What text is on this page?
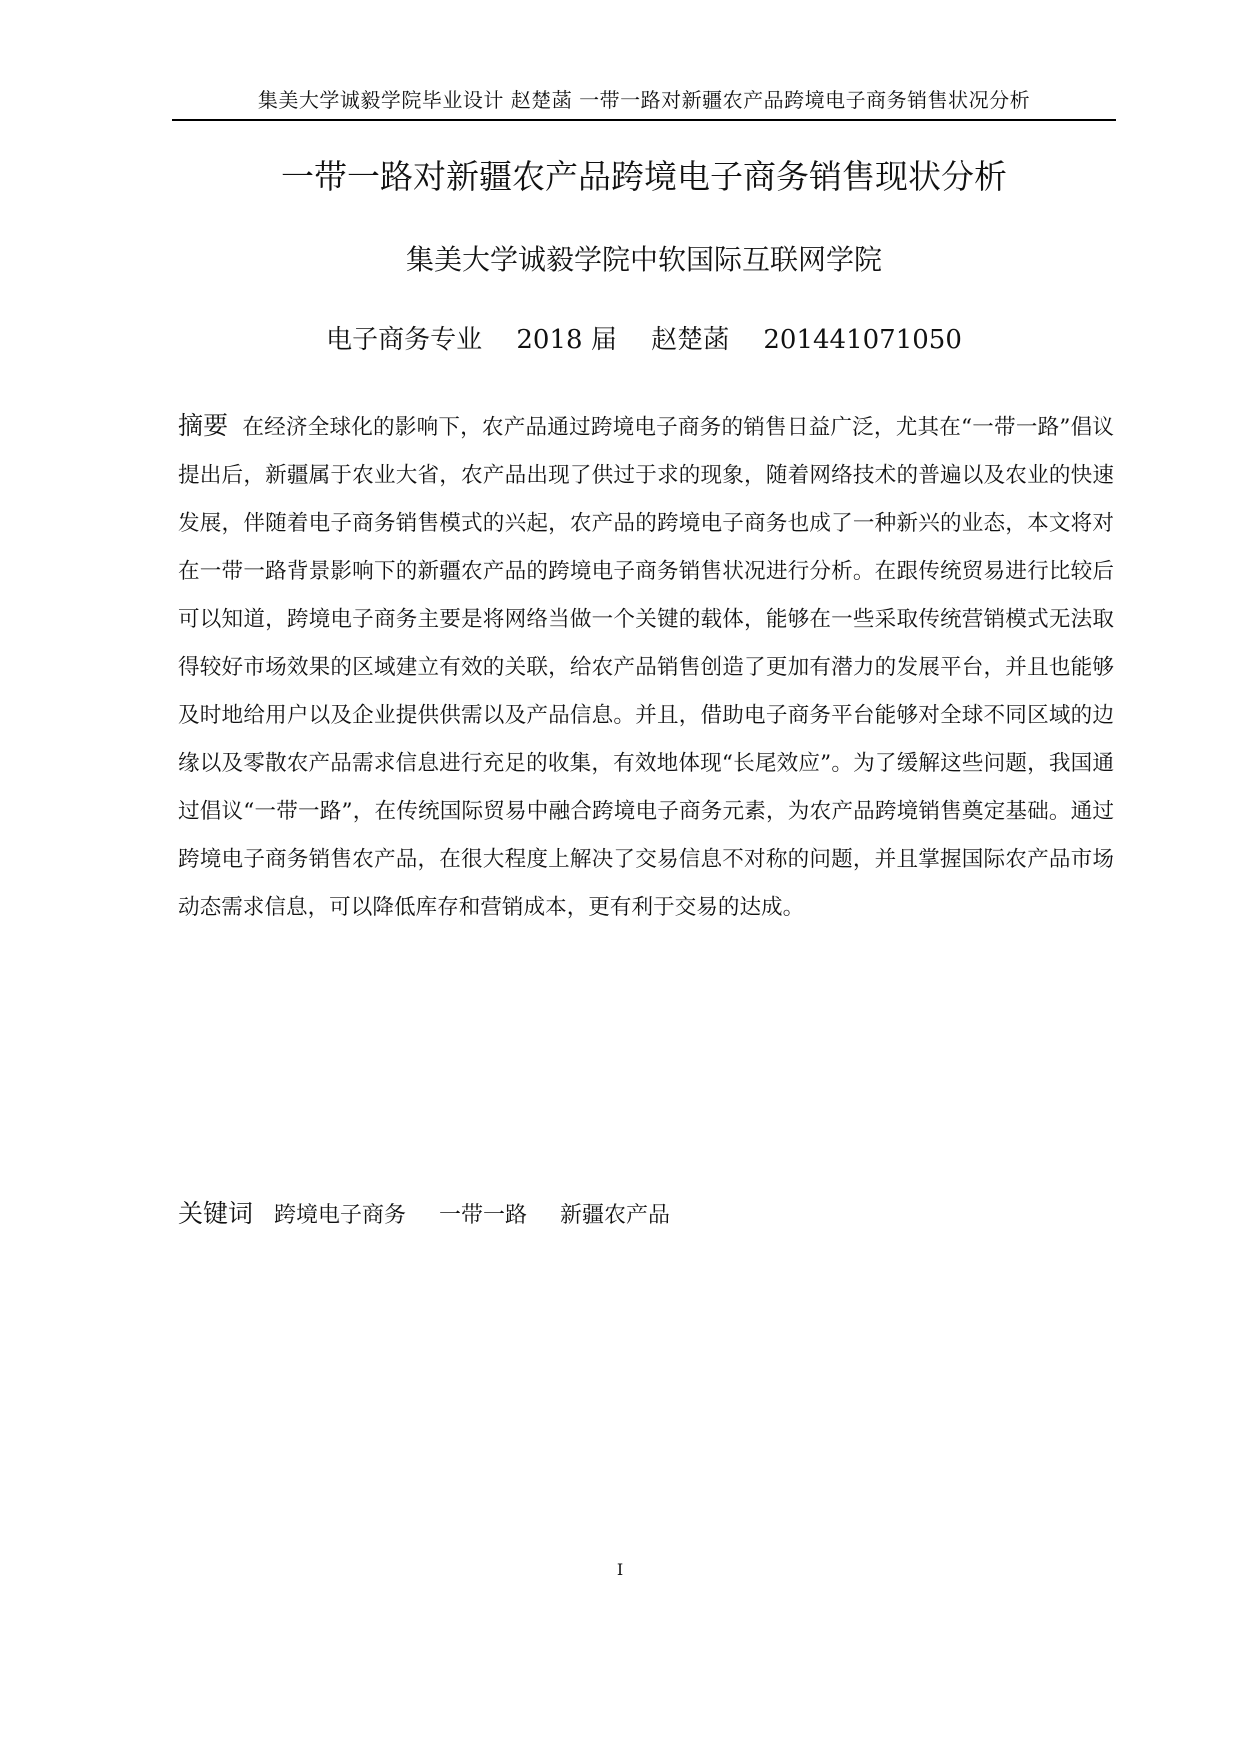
集美大学诚毅学院毕业设计 赵楚菡 一带一路对新疆农产品跨境电子商务销售状况分析
一带一路对新疆农产品跨境电子商务销售现状分析
集美大学诚毅学院中软国际互联网学院
电子商务专业 2018 届 赵楚菡 201441071050

摘要 在经济全球化的影响下，农产品通过跨境电子商务的销售日益广泛，尤其在“一带一路”倡议提出后，新疆属于农业大省，农产品出现了供过于求的现象，随着网络技术的普遍以及农业的快速发展，伴随着电子商务销售模式的兴起，农产品的跨境电子商务也成了一种新兴的业态，本文将对在一带一路背景影响下的新疆农产品的跨境电子商务销售状况进行分析。在跟传统贸易进行比较后可以知道，跨境电子商务主要是将网络当做一个关键的载体，能够在一些采取传统营销模式无法取得较好市场效果的区域建立有效的关联，给农产品销售创造了更加有潜力的发展平台，并且也能够及时地给用户以及企业提供供需以及产品信息。并且，借助电子商务平台能够对全球不同区域的边缘以及零散农产品需求信息进行充足的收集，有效地体现“长尾效应”。为了缓解这些问题，我国通过倡议“一带一路”，在传统国际贸易中融合跨境电子商务元素，为农产品跨境销售奠定基础。通过跨境电子商务销售农产品，在很大程度上解决了交易信息不对称的问题，并且掌握国际农产品市场动态需求信息，可以降低库存和营销成本，更有利于交易的达成。

关键词 跨境电子商务 一带一路 新疆农产品
I
